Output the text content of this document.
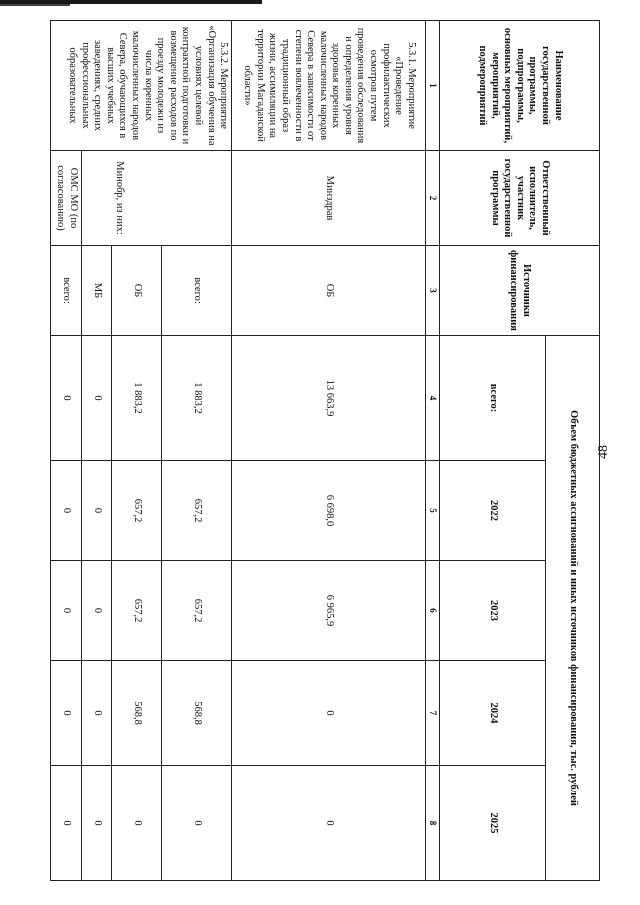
48
Наименование государственной программы, подпрограммы, основных мероприятий, мероприятий, подмероприятий	Ответственный исполнитель, участник государственной программы	Источники финансирования	Объем бюджетных ассигнований и иных источников финансирования, тыс. рублей				
			всего:	2022	2023	2024	2025
1	2	3	4	5	6	7	8
5.3.1. Мероприятие «Проведение профилактических осмотров путем проведения обследования и определения уровня здоровья коренных малочисленных народов Севера в зависимости от степени вовлеченности в традиционный образ жизни, ассимиляции на территории Магаданской области»	Минздрав	ОБ	13 663,9	6 698,0	6 965,9	0	0
5.3.2. Мероприятие «Организация обучения на условиях целевой контрактной подготовки и возмещение расходов по проезду молодежи из числа коренных малочисленных народов Севера, обучающихся в высших учебных заведениях, средних профессиональных образовательных	Минобр, из них:	всего:	1 883,2	657,2	657,2	568,8	0
		ОБ	1 883,2	657,2	657,2	568,8	0
		МБ	0	0	0	0	0
	ОМС МО (по согласованию)	всего:	0	0	0	0	0
